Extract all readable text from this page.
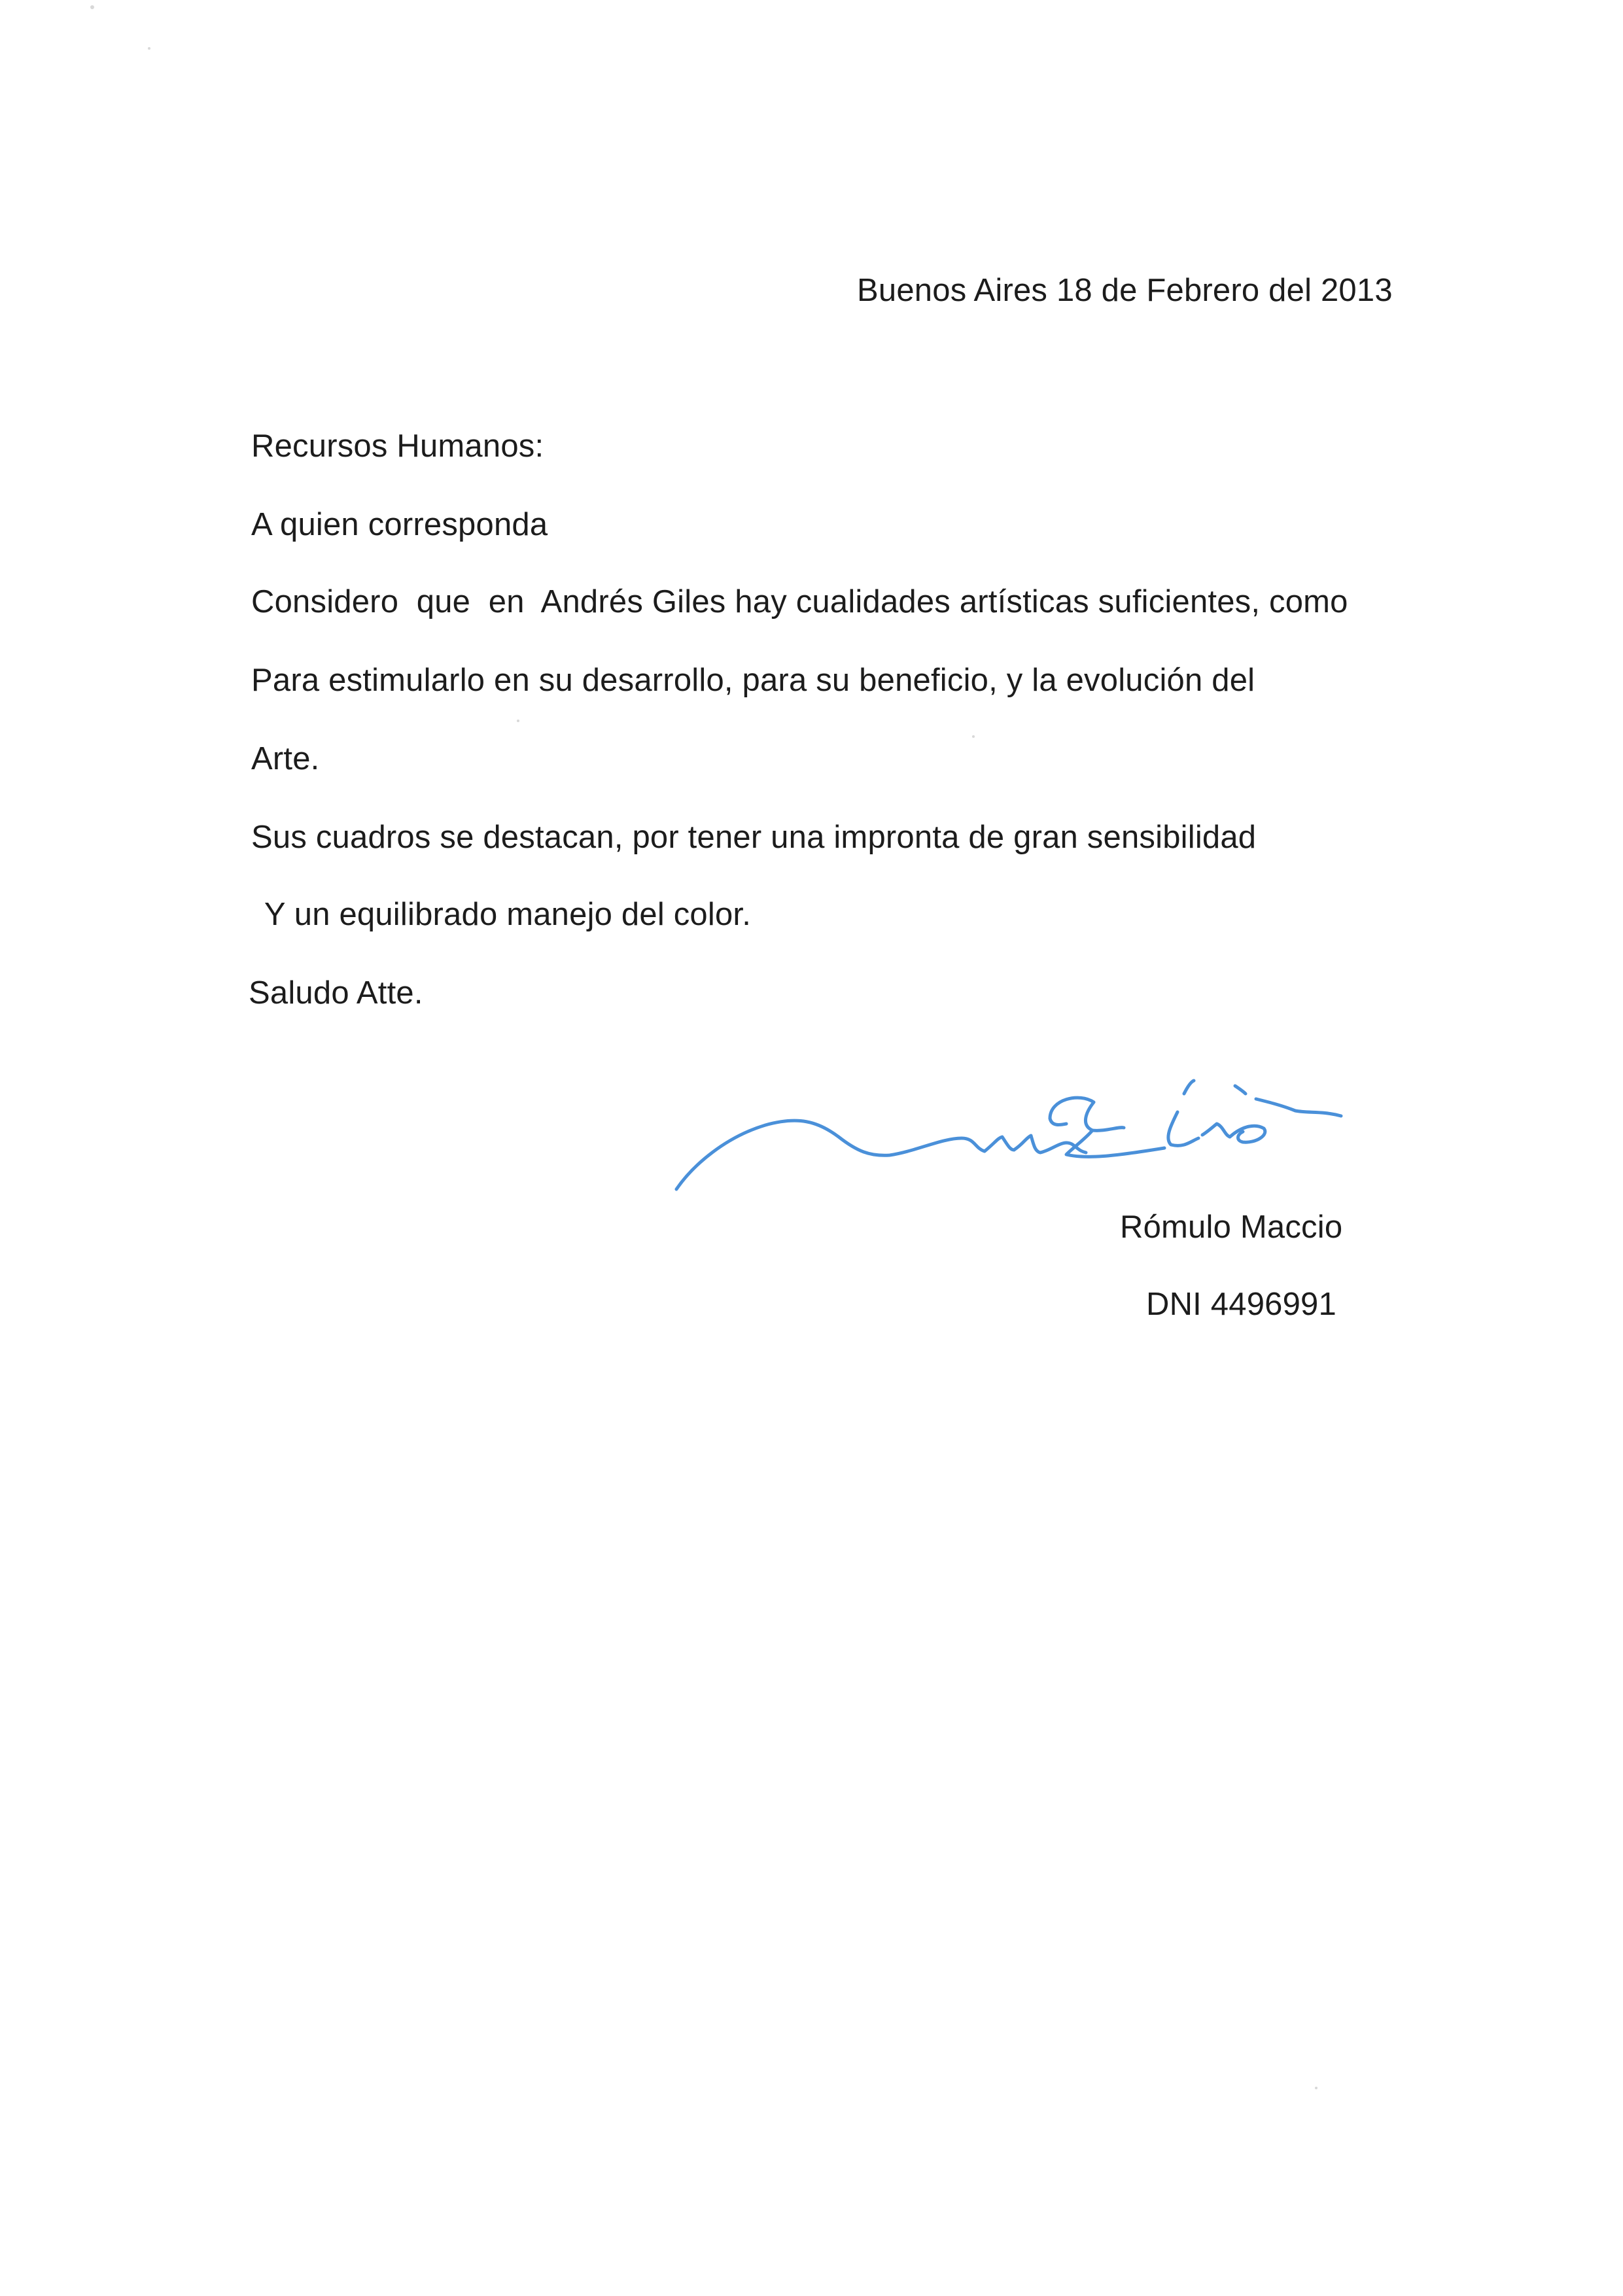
Buenos Aires 18 de Febrero del 2013
Recursos Humanos:
A quien corresponda
Considero  que  en  Andrés Giles hay cualidades artísticas suficientes, como
Para estimularlo en su desarrollo, para su beneficio, y la evolución del
Arte.
Sus cuadros se destacan, por tener una impronta de gran sensibilidad
Y un equilibrado manejo del color.
Saludo Atte.
Rómulo Maccio
DNI 4496991
